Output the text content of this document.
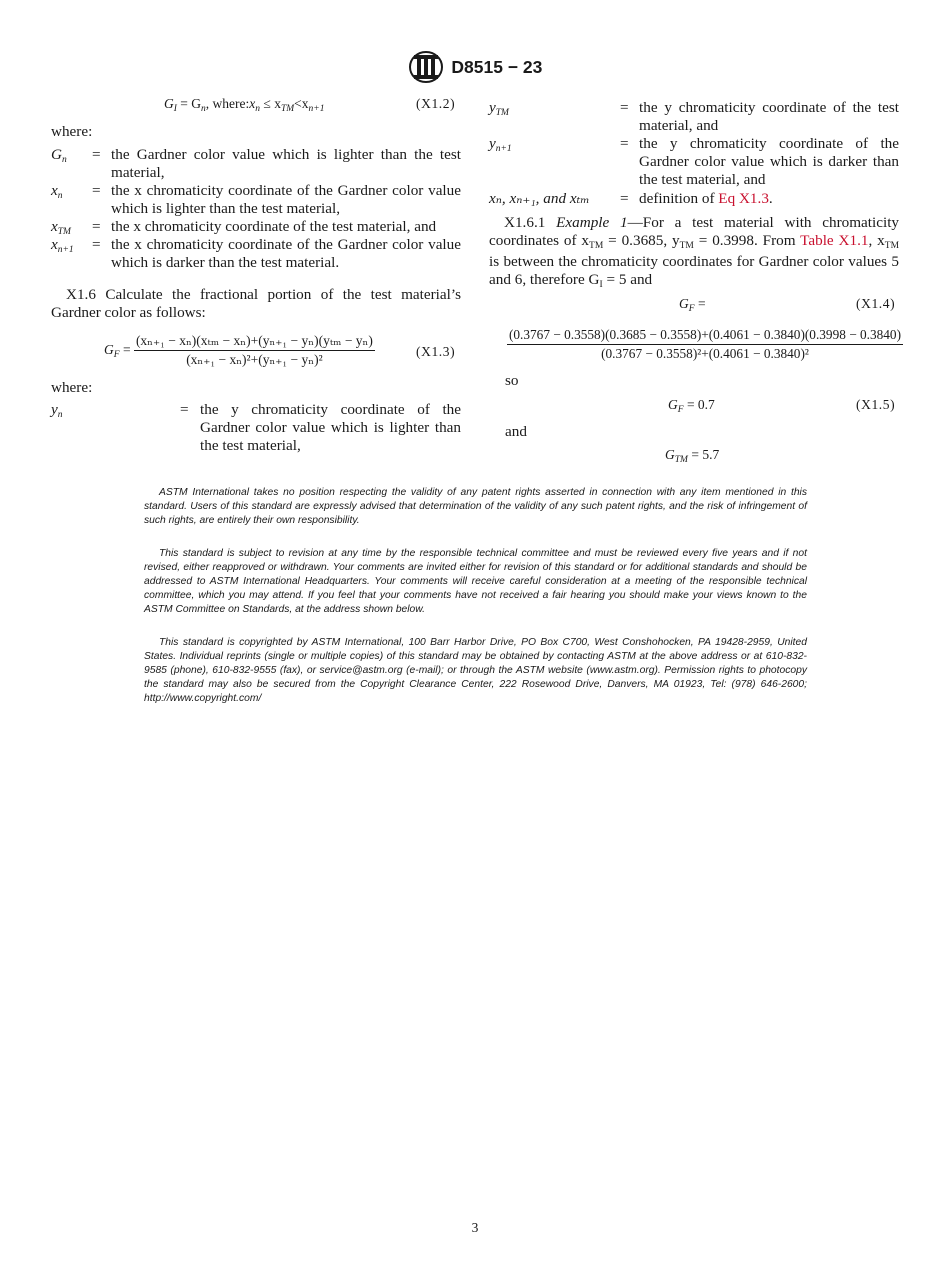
D8515 − 23
$G_I = G_n$, $where:x_n \le x_{TM}<x_{n+1}$	(X1.2)
where:
$G_n$ = the Gardner color value which is lighter than the test material,
$x_n$ = the x chromaticity coordinate of the Gardner color value which is lighter than the test material,
$x_{TM}$ = the x chromaticity coordinate of the test material, and
$x_{n+1}$ = the x chromaticity coordinate of the Gardner color value which is darker than the test material.
X1.6 Calculate the fractional portion of the test material’s Gardner color as follows:
$G_F = \frac{\text{(xₙ₊₁ − xₙ)(xₜₘ − xₙ)+(yₙ₊₁ − yₙ)(yₜₘ − yₙ)}}{\text{(xₙ₊₁ − xₙ)²+(yₙ₊₁ − yₙ)²}}$	(X1.3)
where:
$y_n$	= the y chromaticity coordinate of the Gardner color value which is lighter than the test material,
$y_{TM}$	= the y chromaticity coordinate of the test material, and
$y_{n+1}$	= the y chromaticity coordinate of the Gardner color value which is darker than the test material, and
xₙ, xₙ₊₁, and xₜₘ = definition of Eq X1.3.
X1.6.1 Example 1—For a test material with chromaticity coordinates of xTM = 0.3685, yTM = 0.3998. From Table X1.1, xTM is between the chromaticity coordinates for Gardner color values 5 and 6, therefore GI = 5 and
$G_F$ =	(X1.4)
(0.3767 − 0.3558)(0.3685 − 0.3558)+(0.4061 − 0.3840)(0.3998 − 0.3840)
(0.3767 − 0.3558)²+(0.4061 − 0.3840)²
so
$G_F = 0.7$	(X1.5)
and
$G_{TM} = 5.7$
ASTM International takes no position respecting the validity of any patent rights asserted in connection with any item mentioned in this standard. Users of this standard are expressly advised that determination of the validity of any such patent rights, and the risk of infringement of such rights, are entirely their own responsibility.
This standard is subject to revision at any time by the responsible technical committee and must be reviewed every five years and if not revised, either reapproved or withdrawn. Your comments are invited either for revision of this standard or for additional standards and should be addressed to ASTM International Headquarters. Your comments will receive careful consideration at a meeting of the responsible technical committee, which you may attend. If you feel that your comments have not received a fair hearing you should make your views known to the ASTM Committee on Standards, at the address shown below.
This standard is copyrighted by ASTM International, 100 Barr Harbor Drive, PO Box C700, West Conshohocken, PA 19428-2959, United States. Individual reprints (single or multiple copies) of this standard may be obtained by contacting ASTM at the above address or at 610-832-9585 (phone), 610-832-9555 (fax), or service@astm.org (e-mail); or through the ASTM website (www.astm.org). Permission rights to photocopy the standard may also be secured from the Copyright Clearance Center, 222 Rosewood Drive, Danvers, MA 01923, Tel: (978) 646-2600; http://www.copyright.com/
3
